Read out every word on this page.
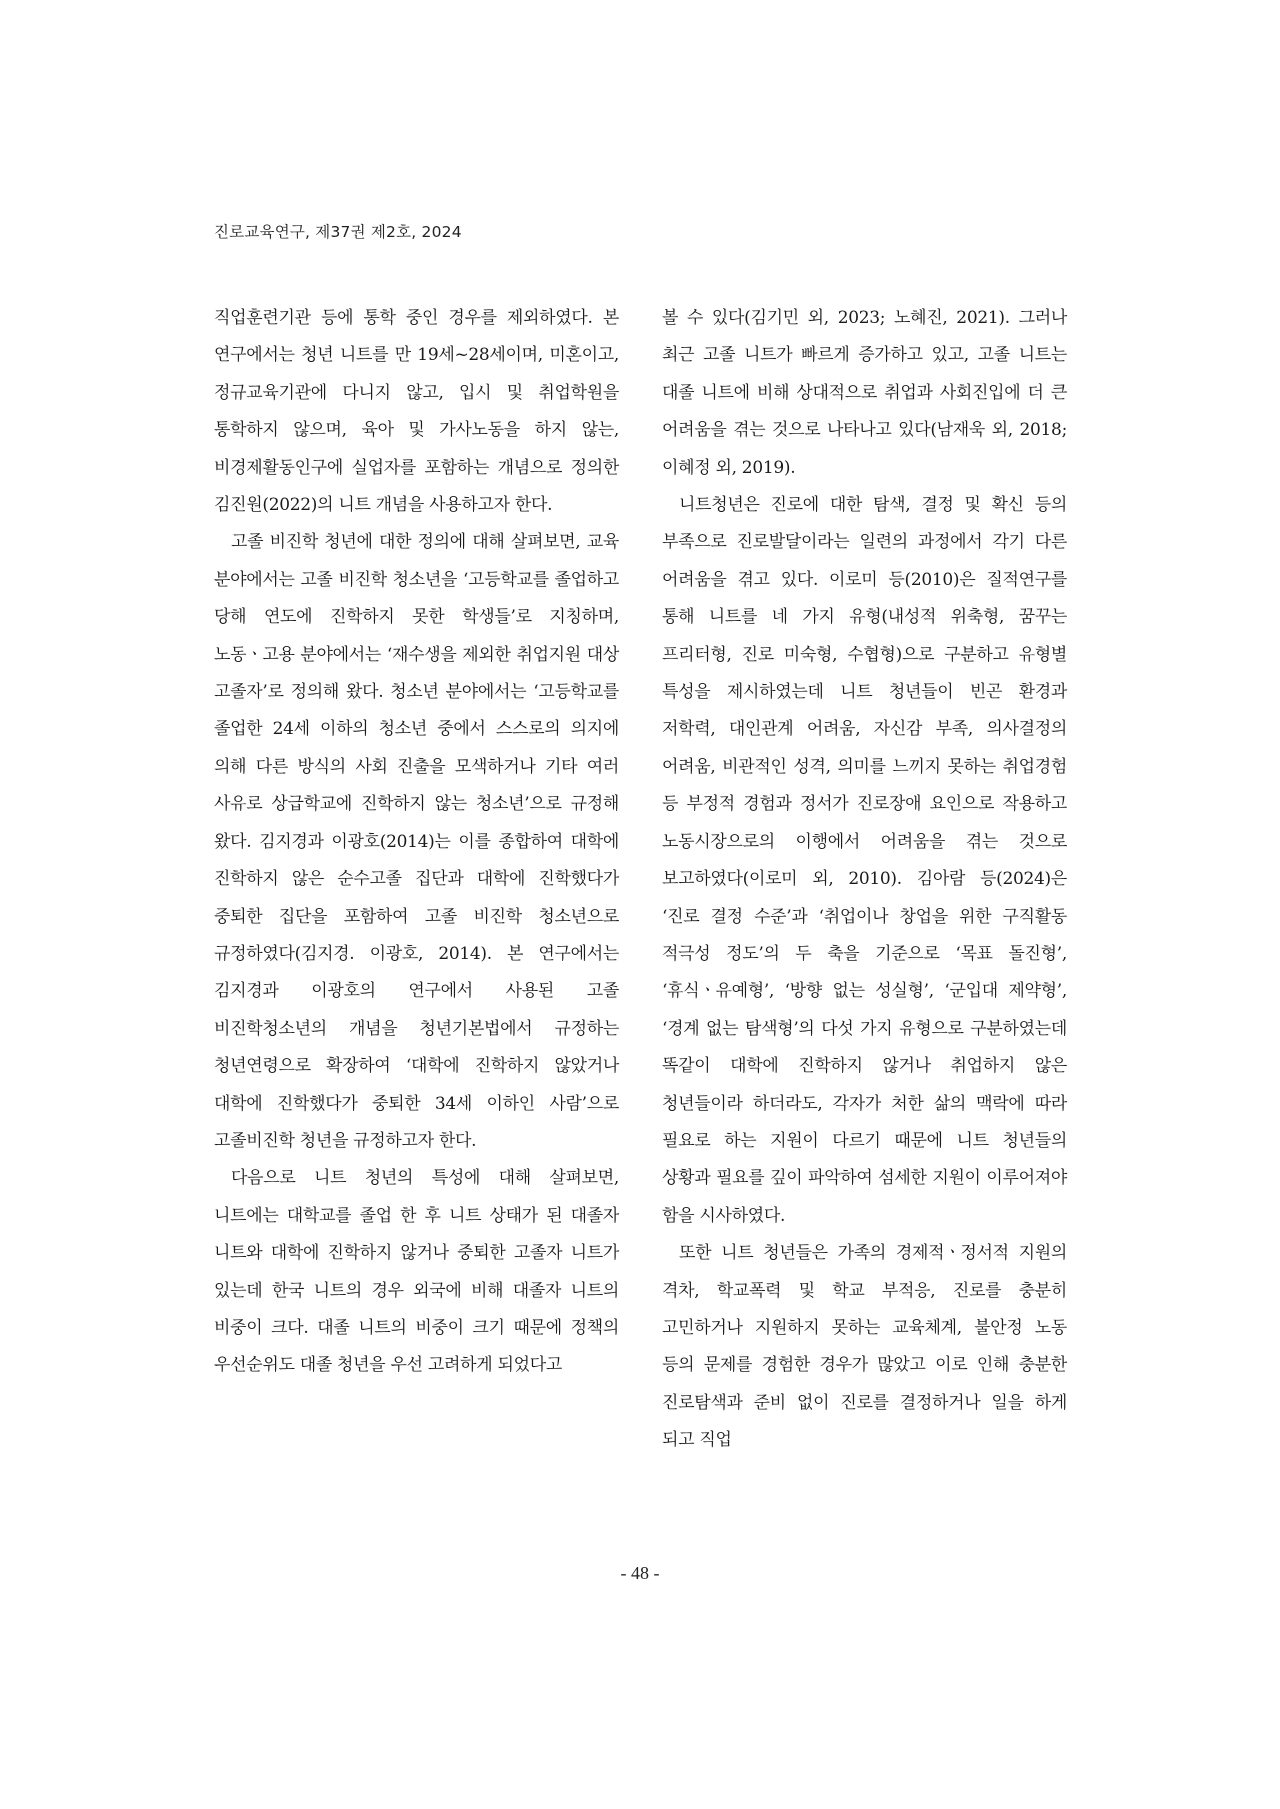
진로교육연구, 제37권 제2호, 2024

직업훈련기관 등에 통학 중인 경우를 제외하였다. 본 연구에서는 청년 니트를 만 19세~28세이며, 미혼이고, 정규교육기관에 다니지 않고, 입시 및 취업학원을 통학하지 않으며, 육아 및 가사노동을 하지 않는, 비경제활동인구에 실업자를 포함하는 개념으로 정의한 김진원(2022)의 니트 개념을 사용하고자 한다.

고졸 비진학 청년에 대한 정의에 대해 살펴보면, 교육 분야에서는 고졸 비진학 청소년을 ‘고등학교를 졸업하고 당해 연도에 진학하지 못한 학생들’로 지칭하며, 노동ㆍ고용 분야에서는 ‘재수생을 제외한 취업지원 대상 고졸자’로 정의해 왔다. 청소년 분야에서는 ‘고등학교를 졸업한 24세 이하의 청소년 중에서 스스로의 의지에 의해 다른 방식의 사회 진출을 모색하거나 기타 여러 사유로 상급학교에 진학하지 않는 청소년’으로 규정해 왔다. 김지경과 이광호(2014)는 이를 종합하여 대학에 진학하지 않은 순수고졸 집단과 대학에 진학했다가 중퇴한 집단을 포함하여 고졸 비진학 청소년으로 규정하였다(김지경. 이광호, 2014). 본 연구에서는 김지경과 이광호의 연구에서 사용된 고졸 비진학청소년의 개념을 청년기본법에서 규정하는 청년연령으로 확장하여 ‘대학에 진학하지 않았거나 대학에 진학했다가 중퇴한 34세 이하인 사람’으로 고졸비진학 청년을 규정하고자 한다.

다음으로 니트 청년의 특성에 대해 살펴보면, 니트에는 대학교를 졸업 한 후 니트 상태가 된 대졸자 니트와 대학에 진학하지 않거나 중퇴한 고졸자 니트가 있는데 한국 니트의 경우 외국에 비해 대졸자 니트의 비중이 크다. 대졸 니트의 비중이 크기 때문에 정책의 우선순위도 대졸 청년을 우선 고려하게 되었다고

볼 수 있다(김기민 외, 2023; 노혜진, 2021). 그러나 최근 고졸 니트가 빠르게 증가하고 있고, 고졸 니트는 대졸 니트에 비해 상대적으로 취업과 사회진입에 더 큰 어려움을 겪는 것으로 나타나고 있다(남재욱 외, 2018; 이혜정 외, 2019).

니트청년은 진로에 대한 탐색, 결정 및 확신 등의 부족으로 진로발달이라는 일련의 과정에서 각기 다른 어려움을 겪고 있다. 이로미 등(2010)은 질적연구를 통해 니트를 네 가지 유형(내성적 위축형, 꿈꾸는 프리터형, 진로 미숙형, 수협형)으로 구분하고 유형별 특성을 제시하였는데 니트 청년들이 빈곤 환경과 저학력, 대인관계 어려움, 자신감 부족, 의사결정의 어려움, 비관적인 성격, 의미를 느끼지 못하는 취업경험 등 부정적 경험과 정서가 진로장애 요인으로 작용하고 노동시장으로의 이행에서 어려움을 겪는 것으로 보고하였다(이로미 외, 2010). 김아람 등(2024)은 ‘진로 결정 수준’과 ‘취업이나 창업을 위한 구직활동 적극성 정도’의 두 축을 기준으로 ‘목표 돌진형’, ‘휴식ㆍ유예형’, ‘방향 없는 성실형’, ‘군입대 제약형’, ‘경계 없는 탐색형’의 다섯 가지 유형으로 구분하였는데 똑같이 대학에 진학하지 않거나 취업하지 않은 청년들이라 하더라도, 각자가 처한 삶의 맥락에 따라 필요로 하는 지원이 다르기 때문에 니트 청년들의 상황과 필요를 깊이 파악하여 섬세한 지원이 이루어져야 함을 시사하였다.

또한 니트 청년들은 가족의 경제적ㆍ정서적 지원의 격차, 학교폭력 및 학교 부적응, 진로를 충분히 고민하거나 지원하지 못하는 교육체계, 불안정 노동 등의 문제를 경험한 경우가 많았고 이로 인해 충분한 진로탐색과 준비 없이 진로를 결정하거나 일을 하게 되고 직업

- 48 -
